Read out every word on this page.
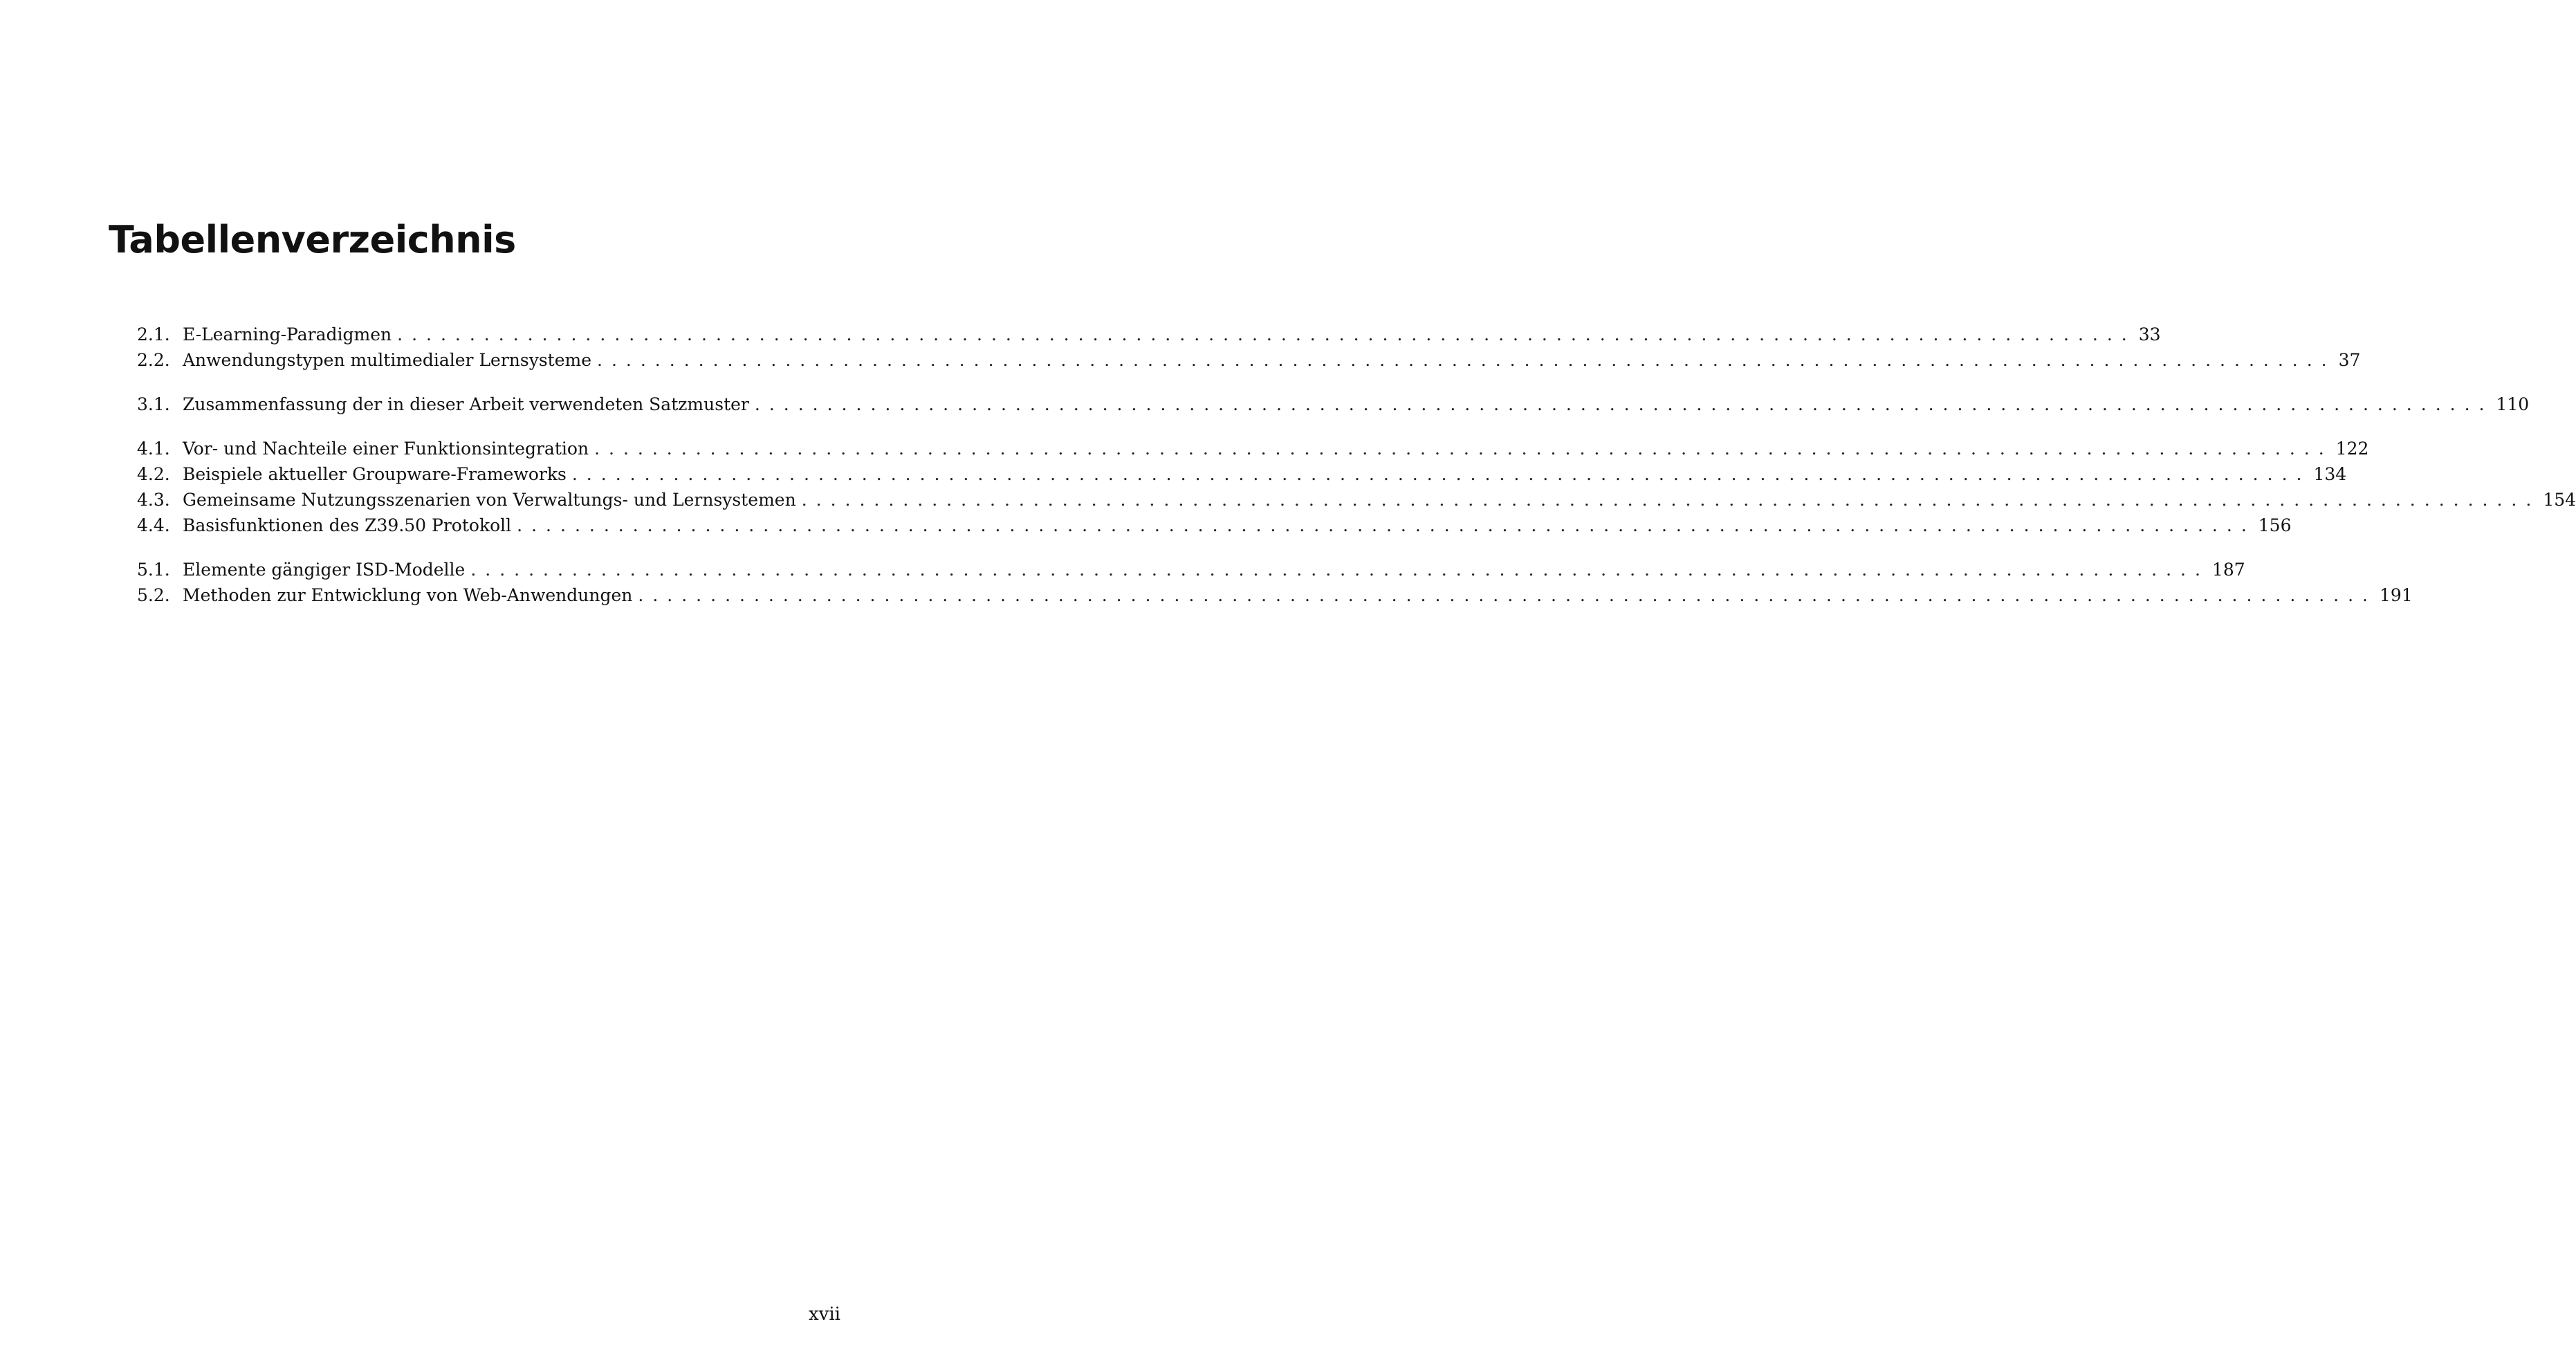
Tabellenverzeichnis
2.1. E-Learning-Paradigmen ........................................................................................................................ 33
2.2. Anwendungstypen multimedialer Lernsysteme ........................................................................................................................ 37
3.1. Zusammenfassung der in dieser Arbeit verwendeten Satzmuster ........................................................................................................................ 110
4.1. Vor- und Nachteile einer Funktionsintegration ........................................................................................................................ 122
4.2. Beispiele aktueller Groupware-Frameworks ........................................................................................................................ 134
4.3. Gemeinsame Nutzungsszenarien von Verwaltungs- und Lernsystemen ........................................................................................................................ 154
4.4. Basisfunktionen des Z39.50 Protokoll ........................................................................................................................ 156
5.1. Elemente gängiger ISD-Modelle ........................................................................................................................ 187
5.2. Methoden zur Entwicklung von Web-Anwendungen ........................................................................................................................ 191
xvii
